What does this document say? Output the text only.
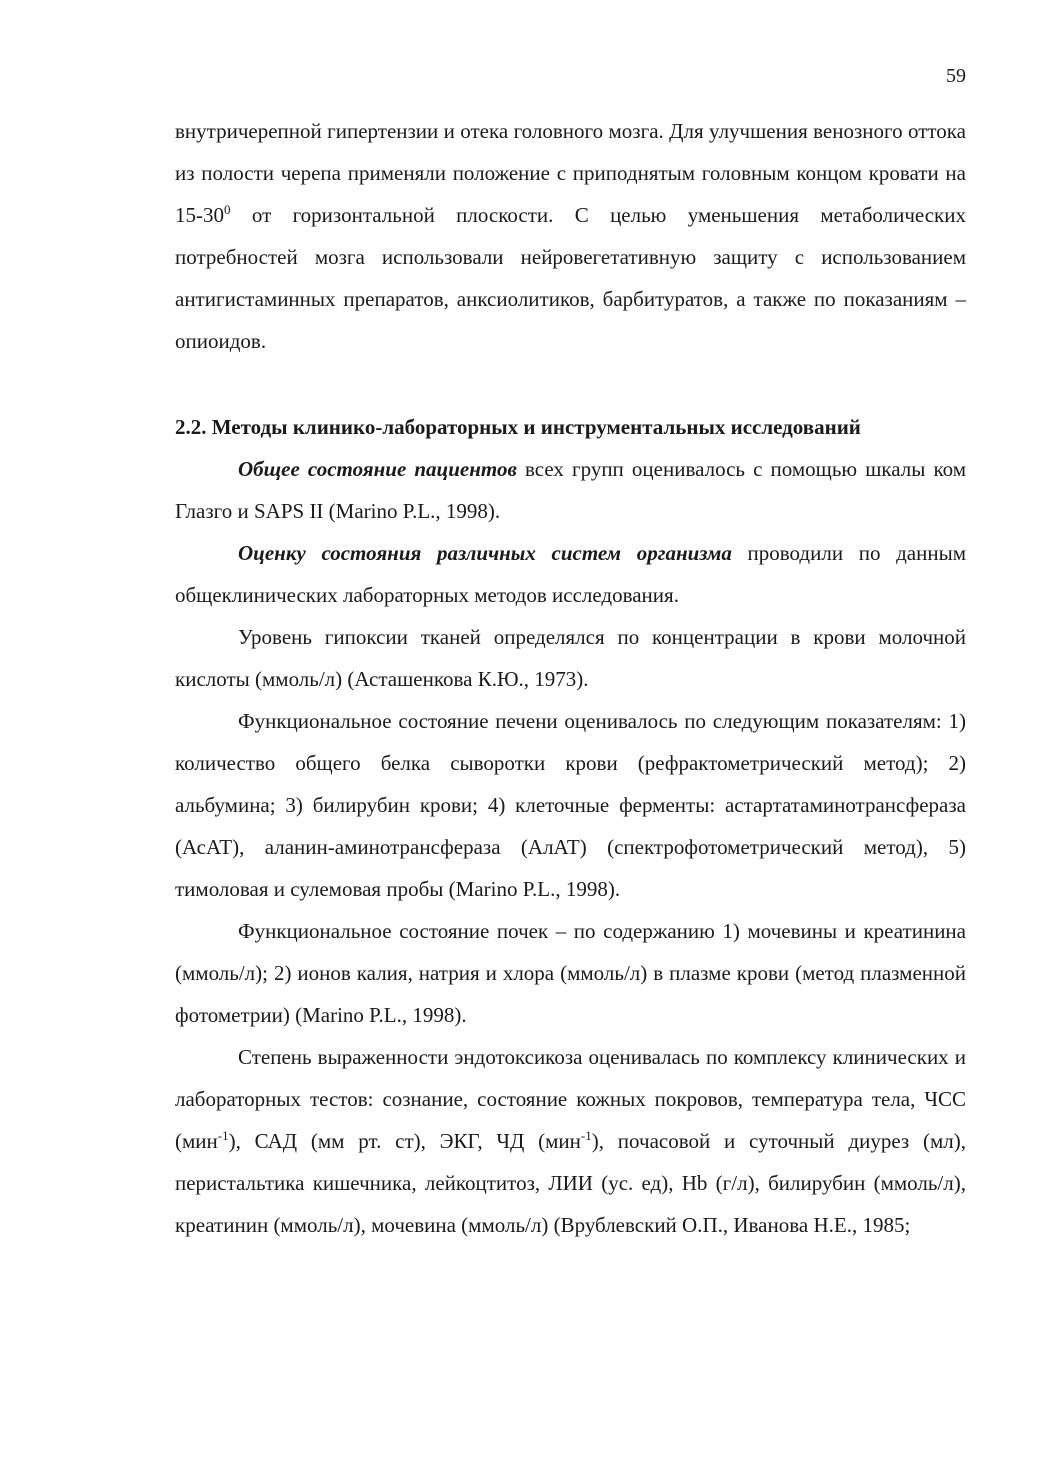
59

внутричерепной гипертензии и отека головного мозга. Для улучшения венозного оттока из полости черепа применяли положение с приподнятым головным концом кровати на $15-30^0$ от горизонтальной плоскости. С целью уменьшения метаболических потребностей мозга использовали нейровегетативную защиту с использованием антигистаминных препаратов, анксиолитиков, барбитуратов, а также по показаниям – опиоидов.

2.2. Методы клинико-лабораторных и инструментальных исследований

Общее состояние пациентов всех групп оценивалось с помощью шкалы ком Глазго и SAPS II (Marino P.L., 1998).

Оценку состояния различных систем организма проводили по данным общеклинических лабораторных методов исследования.

Уровень гипоксии тканей определялся по концентрации в крови молочной кислоты (ммоль/л) (Асташенкова К.Ю., 1973).

Функциональное состояние печени оценивалось по следующим показателям: 1) количество общего белка сыворотки крови (рефрактометрический метод); 2) альбумина; 3) билирубин крови; 4) клеточные ферменты: астартатаминотрансфераза (АсАТ), аланин-аминотрансфераза (АлАТ) (спектрофотометрический метод), 5) тимоловая и сулемовая пробы (Marino P.L., 1998).

Функциональное состояние почек – по содержанию 1) мочевины и креатинина (ммоль/л); 2) ионов калия, натрия и хлора (ммоль/л) в плазме крови (метод плазменной фотометрии) (Marino P.L., 1998).

Степень выраженности эндотоксикоза оценивалась по комплексу клинических и лабораторных тестов: сознание, состояние кожных покровов, температура тела, ЧСС (мин$^{-1}$), САД (мм рт. ст), ЭКГ, ЧД (мин$^{-1}$), почасовой и суточный диурез (мл), перистальтика кишечника, лейкоцтитоз, ЛИИ (ус. ед), Hb (г/л), билирубин (ммоль/л), креатинин (ммоль/л), мочевина (ммоль/л) (Врублевский О.П., Иванова Н.Е., 1985;
